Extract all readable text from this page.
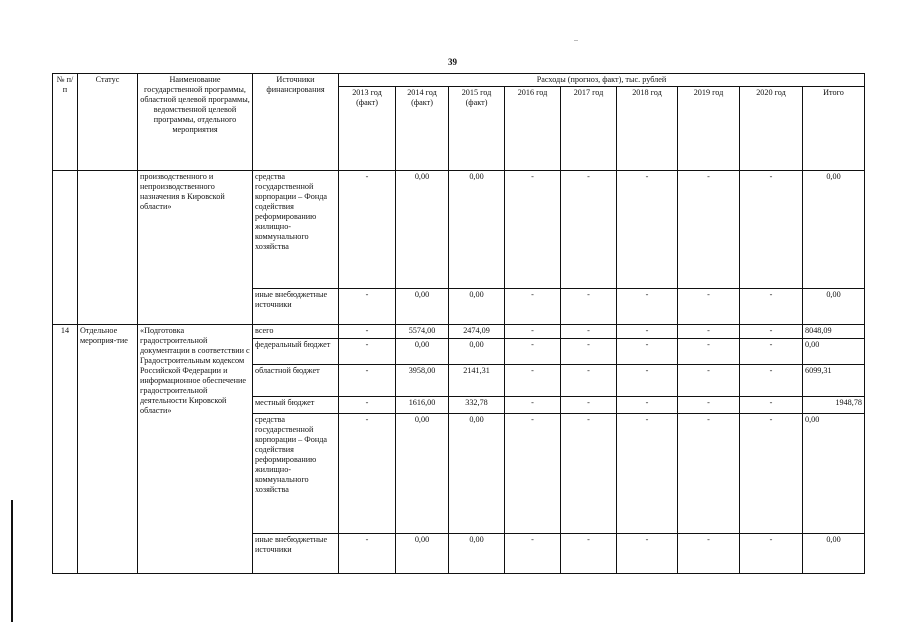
39
№ п/п	Статус	Наименование государственной программы, областной целевой программы, ведомственной целевой программы, отдельного мероприятия	Источники финансирования	Расходы (прогноз, факт), тыс. рублей								
				2013 год (факт)	2014 год (факт)	2015 год (факт)	2016 год	2017 год	2018 год	2019 год	2020 год	Итого
		производственного и непроизводственного назначения в Кировской области»	средства государственной корпорации – Фонда содействия реформированию жилищно-коммунального хозяйства	-	0,00	0,00	-	-	-	-	-	0,00
			иные внебюджетные источники	-	0,00	0,00	-	-	-	-	-	0,00
14	Отдельное мероприя-тие	«Подготовка градостроительной документации в соответствии с Градостроительным кодексом Российской Федерации и информационное обеспечение градостроительной деятельности Кировской области»	всего	-	5574,00	2474,09	-	-	-	-	-	8048,09
			федеральный бюджет	-	0,00	0,00	-	-	-	-	-	0,00
			областной бюджет	-	3958,00	2141,31	-	-	-	-	-	6099,31
			местный бюджет	-	1616,00	332,78	-	-	-	-	-	1948,78
			средства государственной корпорации – Фонда содействия реформированию жилищно-коммунального хозяйства	-	0,00	0,00	-	-	-	-	-	0,00
			иные внебюджетные источники	-	0,00	0,00	-	-	-	-	-	0,00
